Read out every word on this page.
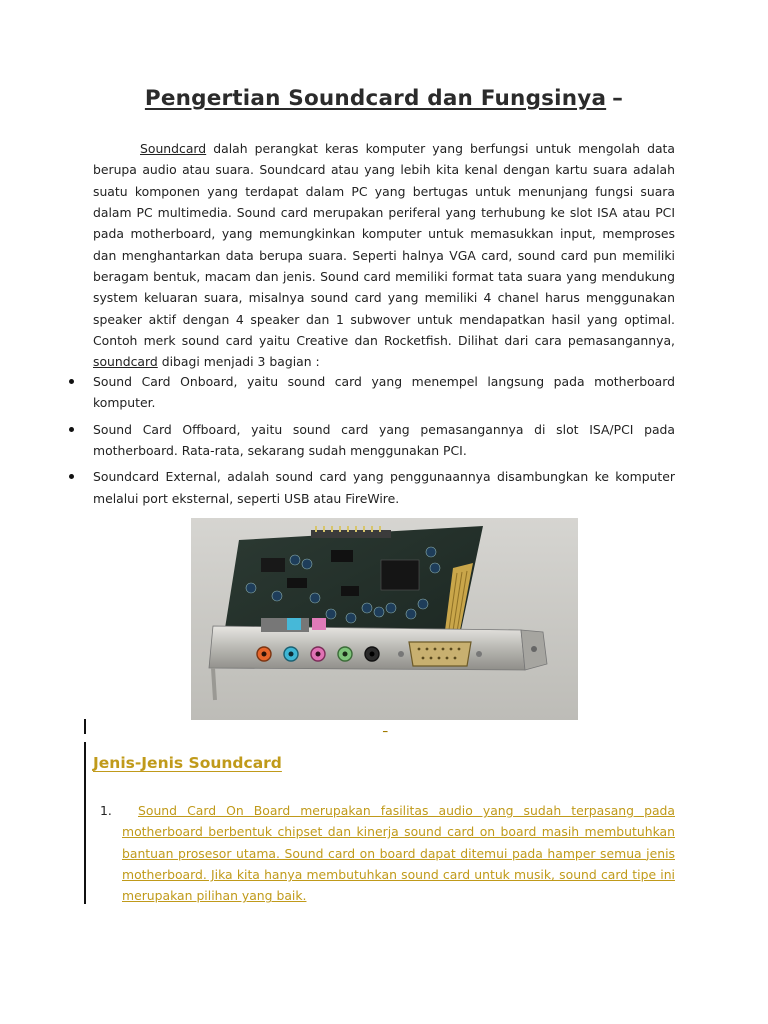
Pengertian Soundcard dan Fungsinya –
Soundcard dalah perangkat keras komputer yang berfungsi untuk mengolah data berupa audio atau suara. Soundcard atau yang lebih kita kenal dengan kartu suara adalah suatu komponen yang terdapat dalam PC yang bertugas untuk menunjang fungsi suara dalam PC multimedia. Sound card merupakan periferal yang terhubung ke slot ISA atau PCI pada motherboard, yang memungkinkan komputer untuk memasukkan input, memproses dan menghantarkan data berupa suara. Seperti halnya VGA card, sound card pun memiliki beragam bentuk, macam dan jenis. Sound card memiliki format tata suara yang mendukung system keluaran suara, misalnya sound card yang memiliki 4 chanel harus menggunakan speaker aktif dengan 4 speaker dan 1 subwover untuk mendapatkan hasil yang optimal. Contoh merk sound card yaitu Creative dan Rocketfish. Dilihat dari cara pemasangannya, soundcard dibagi menjadi 3 bagian :
Sound Card Onboard, yaitu sound card yang menempel langsung pada motherboard komputer.
Sound Card Offboard, yaitu sound card yang pemasangannya di slot ISA/PCI pada motherboard. Rata-rata, sekarang sudah menggunakan PCI.
Soundcard External, adalah sound card yang penggunaannya disambungkan ke komputer melalui port eksternal, seperti USB atau FireWire.
_
Jenis-Jenis Soundcard
1. Sound Card On Board merupakan fasilitas audio yang sudah terpasang pada motherboard berbentuk chipset dan kinerja sound card on board masih membutuhkan bantuan prosesor utama. Sound card on board dapat ditemui pada hamper semua jenis motherboard. Jika kita hanya membutuhkan sound card untuk musik, sound card tipe ini merupakan pilihan yang baik.
